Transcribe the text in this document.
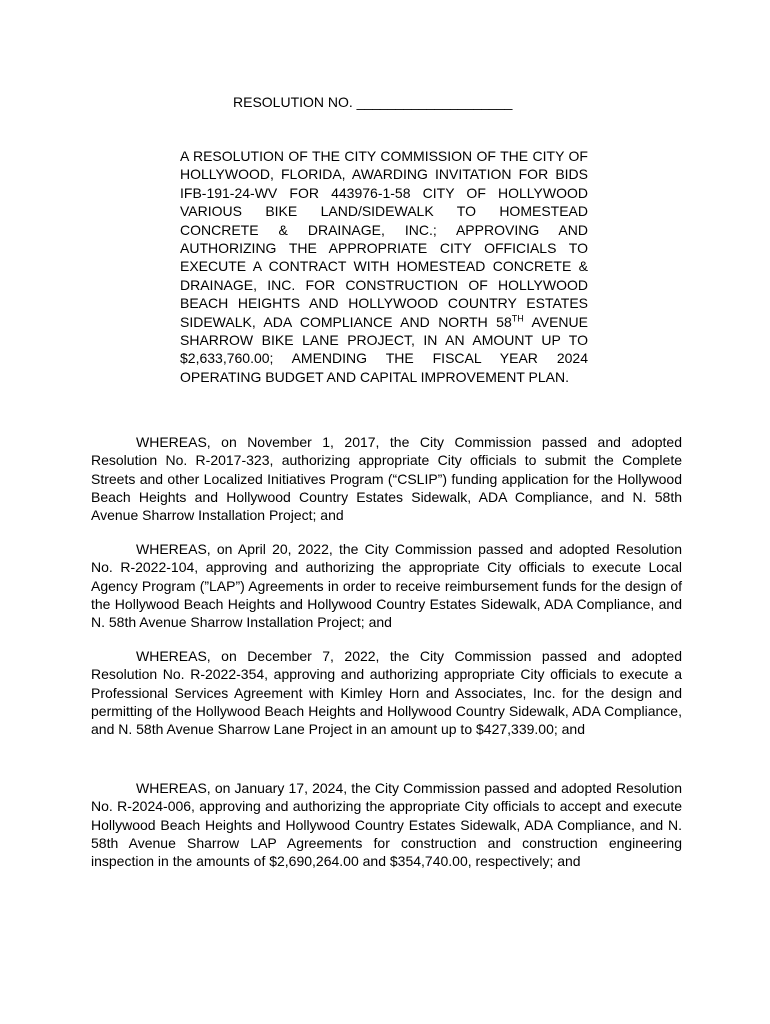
RESOLUTION NO. ____________________
A RESOLUTION OF THE CITY COMMISSION OF THE CITY OF HOLLYWOOD, FLORIDA, AWARDING INVITATION FOR BIDS IFB-191-24-WV FOR 443976-1-58 CITY OF HOLLYWOOD VARIOUS BIKE LAND/SIDEWALK TO HOMESTEAD CONCRETE & DRAINAGE, INC.; APPROVING AND AUTHORIZING THE APPROPRIATE CITY OFFICIALS TO EXECUTE A CONTRACT WITH HOMESTEAD CONCRETE & DRAINAGE, INC. FOR CONSTRUCTION OF HOLLYWOOD BEACH HEIGHTS AND HOLLYWOOD COUNTRY ESTATES SIDEWALK, ADA COMPLIANCE AND NORTH 58TH AVENUE SHARROW BIKE LANE PROJECT, IN AN AMOUNT UP TO $2,633,760.00; AMENDING THE FISCAL YEAR 2024 OPERATING BUDGET AND CAPITAL IMPROVEMENT PLAN.

WHEREAS, on November 1, 2017, the City Commission passed and adopted Resolution No. R-2017-323, authorizing appropriate City officials to submit the Complete Streets and other Localized Initiatives Program (“CSLIP”) funding application for the Hollywood Beach Heights and Hollywood Country Estates Sidewalk, ADA Compliance, and N. 58th Avenue Sharrow Installation Project; and

WHEREAS, on April 20, 2022, the City Commission passed and adopted Resolution No. R-2022-104, approving and authorizing the appropriate City officials to execute Local Agency Program (”LAP”) Agreements in order to receive reimbursement funds for the design of the Hollywood Beach Heights and Hollywood Country Estates Sidewalk, ADA Compliance, and N. 58th Avenue Sharrow Installation Project; and

WHEREAS, on December 7, 2022, the City Commission passed and adopted Resolution No. R-2022-354, approving and authorizing appropriate City officials to execute a Professional Services Agreement with Kimley Horn and Associates, Inc. for the design and permitting of the Hollywood Beach Heights and Hollywood Country Sidewalk, ADA Compliance, and N. 58th Avenue Sharrow Lane Project in an amount up to $427,339.00; and

WHEREAS, on January 17, 2024, the City Commission passed and adopted Resolution No. R-2024-006, approving and authorizing the appropriate City officials to accept and execute Hollywood Beach Heights and Hollywood Country Estates Sidewalk, ADA Compliance, and N. 58th Avenue Sharrow LAP Agreements for construction and construction engineering inspection in the amounts of $2,690,264.00 and $354,740.00, respectively; and
